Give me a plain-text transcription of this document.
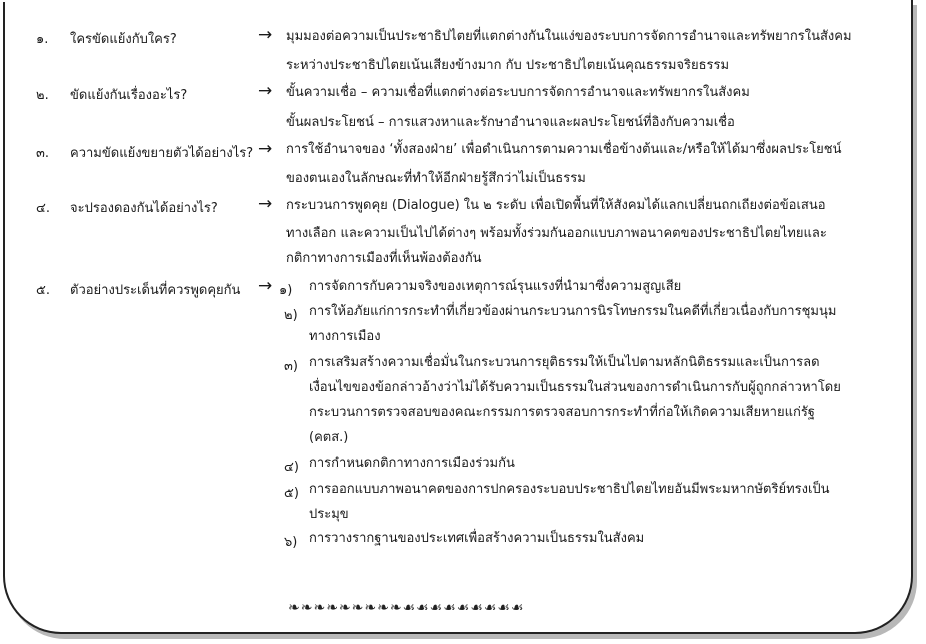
๑. ใครขัดแย้งกับใคร?	→ มุมมองต่อความเป็นประชาธิปไตยที่แตกต่างกันในแง่ของระบบการจัดการอำนาจและทรัพยากรในสังคม
ระหว่างประชาธิปไตยเน้นเสียงข้างมาก กับ ประชาธิปไตยเน้นคุณธรรมจริยธรรม
๒. ขัดแย้งกันเรื่องอะไร?	→ ขั้นความเชื่อ – ความเชื่อที่แตกต่างต่อระบบการจัดการอำนาจและทรัพยากรในสังคม
ขั้นผลประโยชน์ – การแสวงหาและรักษาอำนาจและผลประโยชน์ที่อิงกับความเชื่อ
๓. ความขัดแย้งขยายตัวได้อย่างไร? → การใช้อำนาจของ ‘ทั้งสองฝ่าย’ เพื่อดำเนินการตามความเชื่อข้างต้นและ/หรือให้ได้มาซึ่งผลประโยชน์
ของตนเองในลักษณะที่ทำให้อีกฝ่ายรู้สึกว่าไม่เป็นธรรม
๔. จะปรองดองกันได้อย่างไร? → กระบวนการพูดคุย (Dialogue) ใน ๒ ระดับ เพื่อเปิดพื้นที่ให้สังคมได้แลกเปลี่ยนถกเถียงต่อข้อเสนอ
ทางเลือก และความเป็นไปได้ต่างๆ พร้อมทั้งร่วมกันออกแบบภาพอนาคตของประชาธิปไตยไทยและ
กติกาทางการเมืองที่เห็นพ้องต้องกัน
๕. ตัวอย่างประเด็นที่ควรพูดคุยกัน → ๑) การจัดการกับความจริงของเหตุการณ์รุนแรงที่นำมาซึ่งความสูญเสีย
๒) การให้อภัยแก่การกระทำที่เกี่ยวข้องผ่านกระบวนการนิรโทษกรรมในคดีที่เกี่ยวเนื่องกับการชุมนุม
ทางการเมือง
๓) การเสริมสร้างความเชื่อมั่นในกระบวนการยุติธรรมให้เป็นไปตามหลักนิติธรรมและเป็นการลด
เงื่อนไขของข้อกล่าวอ้างว่าไม่ได้รับความเป็นธรรมในส่วนของการดำเนินการกับผู้ถูกกล่าวหาโดย
กระบวนการตรวจสอบของคณะกรรมการตรวจสอบการกระทำที่ก่อให้เกิดความเสียหายแก่รัฐ
(คตส.)
๔) การกำหนดกติกาทางการเมืองร่วมกัน
๕) การออกแบบภาพอนาคตของการปกครองระบอบประชาธิปไตยไทยอันมีพระมหากษัตริย์ทรงเป็น
ประมุข
๖) การวางรากฐานของประเทศเพื่อสร้างความเป็นธรรมในสังคม
❧❧❧❧❧❧❧❧❧☙☙☙☙☙☙☙☙☙
